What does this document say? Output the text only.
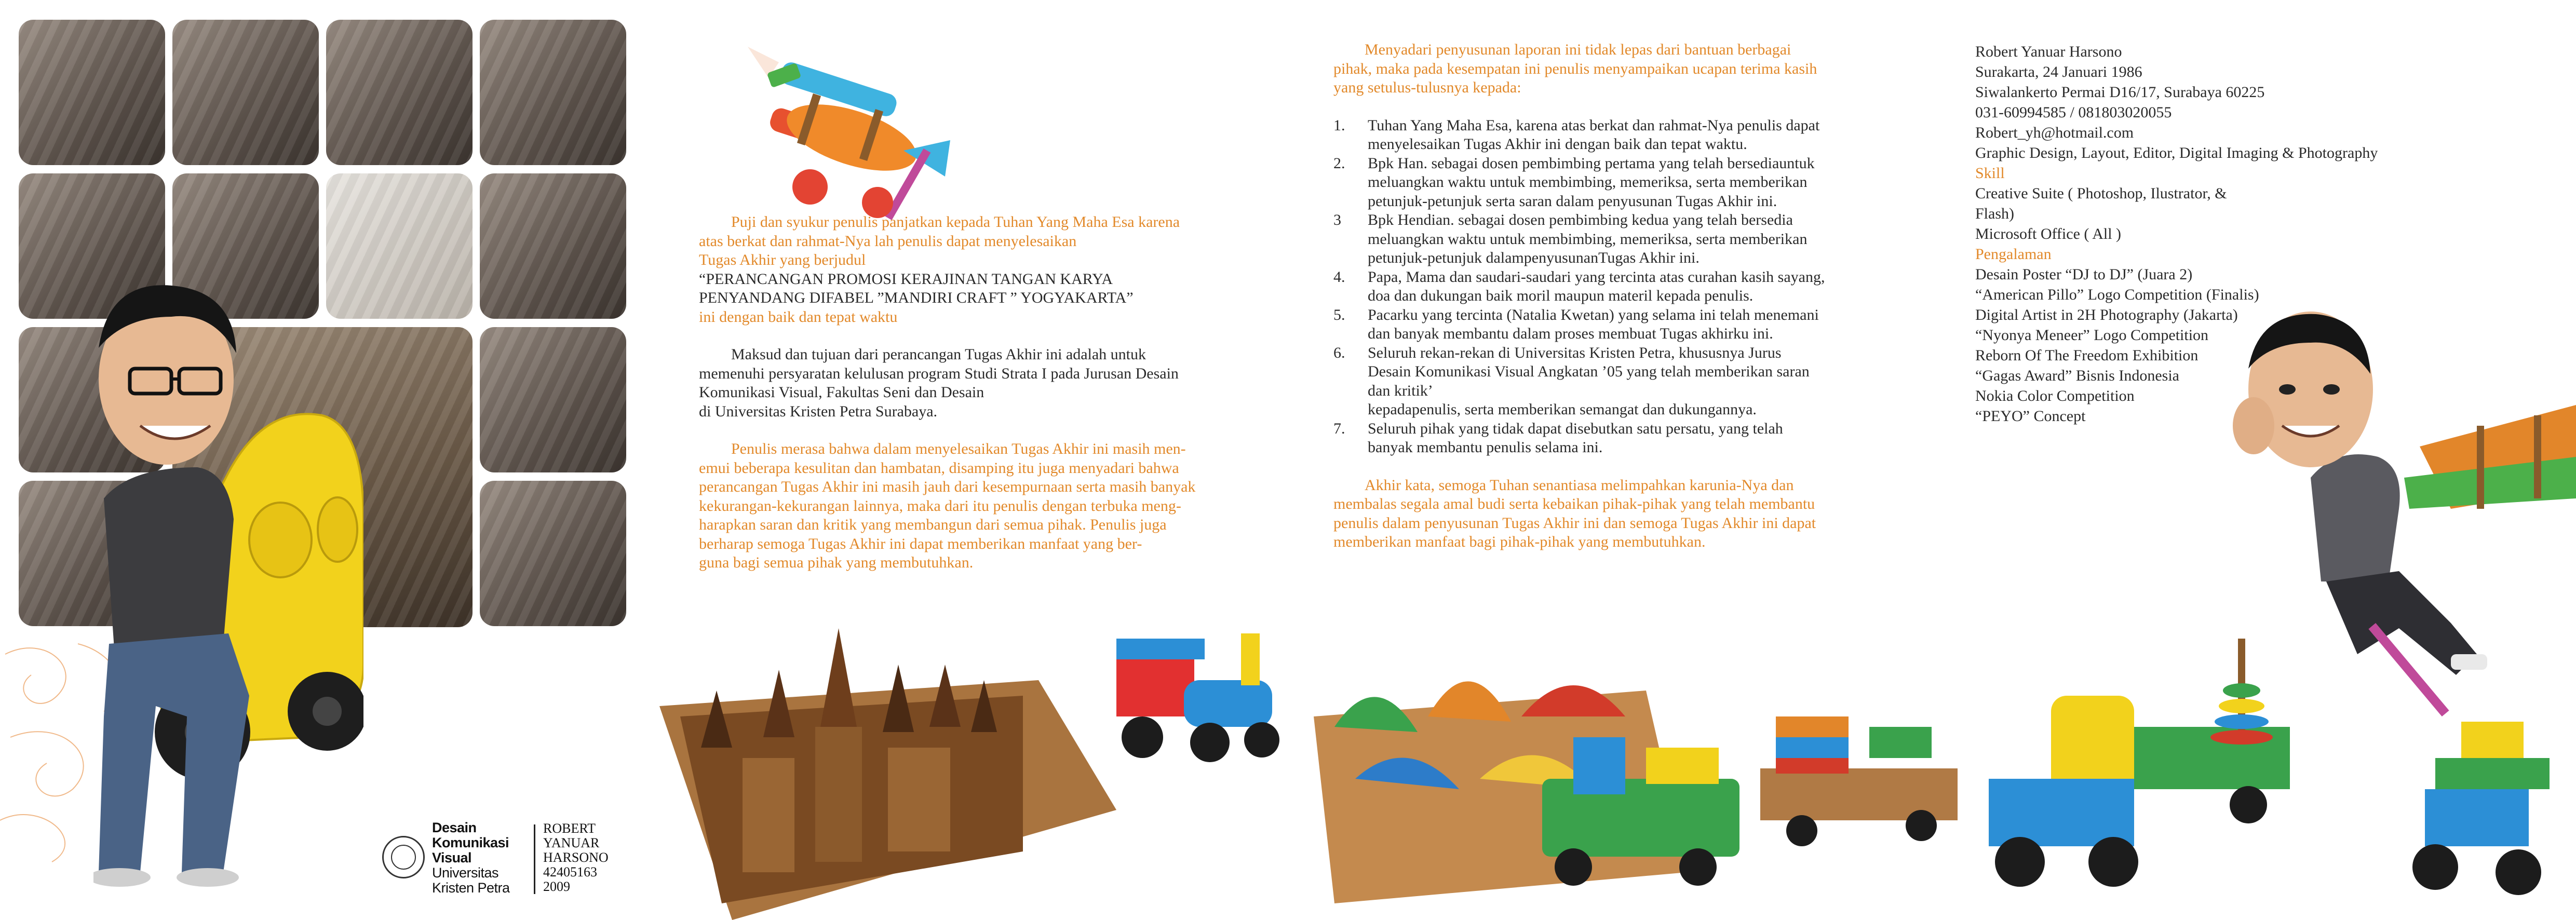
Desain
Komunikasi
Visual
Universitas
Kristen Petra
ROBERT
YANUAR
HARSONO
42405163
2009

Puji dan syukur penulis panjatkan kepada Tuhan Yang Maha Esa karena

atas berkat dan rahmat-Nya lah penulis dapat menyelesaikan

Tugas Akhir yang berjudul

“PERANCANGAN PROMOSI KERAJINAN TANGAN KARYA

PENYANDANG DIFABEL ”MANDIRI CRAFT ” YOGYAKARTA”

ini dengan baik dan tepat waktu

Maksud dan tujuan dari perancangan Tugas Akhir ini adalah untuk

memenuhi persyaratan kelulusan program Studi Strata I pada Jurusan Desain

Komunikasi Visual, Fakultas Seni dan Desain

di Universitas Kristen Petra Surabaya.

Penulis merasa bahwa dalam menyelesaikan Tugas Akhir ini masih men-

emui beberapa kesulitan dan hambatan, disamping itu juga menyadari bahwa

perancangan Tugas Akhir ini masih jauh dari kesempurnaan serta masih banyak

kekurangan-kekurangan lainnya, maka dari itu penulis dengan terbuka meng-

harapkan saran dan kritik yang membangun dari semua pihak. Penulis juga

berharap semoga Tugas Akhir ini dapat memberikan manfaat yang ber-

guna bagi semua pihak yang membutuhkan.

Menyadari penyusunan laporan ini tidak lepas dari bantuan berbagai

pihak, maka pada kesempatan ini penulis menyampaikan ucapan terima kasih

yang setulus-tulusnya kepada:

1. Tuhan Yang Maha Esa, karena atas berkat dan rahmat-Nya penulis dapat
menyelesaikan Tugas Akhir ini dengan baik dan tepat waktu.
2. Bpk Han. sebagai dosen pembimbing pertama yang telah bersediauntuk
meluangkan waktu untuk membimbing, memeriksa, serta memberikan
petunjuk-petunjuk serta saran dalam penyusunan Tugas Akhir ini.
3 Bpk Hendian. sebagai dosen pembimbing kedua yang telah bersedia
meluangkan waktu untuk membimbing, memeriksa, serta memberikan
petunjuk-petunjuk dalampenyusunanTugas Akhir ini.
4. Papa, Mama dan saudari-saudari yang tercinta atas curahan kasih sayang,
doa dan dukungan baik moril maupun materil kepada penulis.
5. Pacarku yang tercinta (Natalia Kwetan) yang selama ini telah menemani
dan banyak membantu dalam proses membuat Tugas akhirku ini.
6. Seluruh rekan-rekan di Universitas Kristen Petra, khususnya Jurus
Desain Komunikasi Visual Angkatan ’05 yang telah memberikan saran
dan kritik’
kepadapenulis, serta memberikan semangat dan dukungannya.
7. Seluruh pihak yang tidak dapat disebutkan satu persatu, yang telah
banyak membantu penulis selama ini.

Akhir kata, semoga Tuhan senantiasa melimpahkan karunia-Nya dan

membalas segala amal budi serta kebaikan pihak-pihak yang telah membantu

penulis dalam penyusunan Tugas Akhir ini dan semoga Tugas Akhir ini dapat

memberikan manfaat bagi pihak-pihak yang membutuhkan.

Robert Yanuar Harsono

Surakarta, 24 Januari 1986

Siwalankerto Permai D16/17, Surabaya 60225

031-60994585 / 081803020055

Robert_yh@hotmail.com

Graphic Design, Layout, Editor, Digital Imaging & Photography

Skill

Creative Suite ( Photoshop, Ilustrator, & Flash)

Microsoft Office ( All )

Pengalaman

Desain Poster “DJ to DJ” (Juara 2)

“American Pillo” Logo Competition (Finalis)

Digital Artist in 2H Photography (Jakarta)

“Nyonya Meneer” Logo Competition

Reborn Of The Freedom Exhibition

“Gagas Award” Bisnis Indonesia

Nokia Color Competition

“PEYO” Concept
